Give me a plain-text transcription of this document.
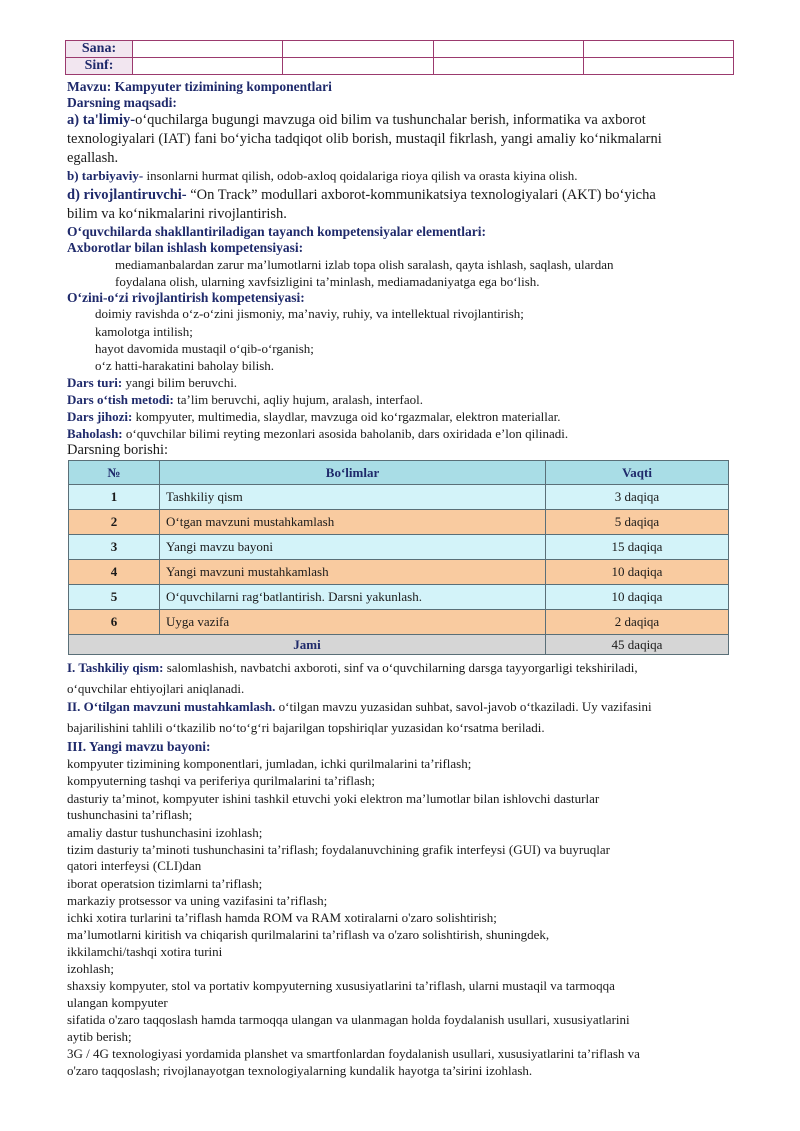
Sana:				
Sinf:				
Mavzu: Kampyuter tizimining komponentlari
Darsning maqsadi:
a) ta'limiy-o‘quchilarga bugungi mavzuga oid bilim va tushunchalar berish, informatika va axborot
texnologiyalari (IAT) fani bo‘yicha tadqiqot olib borish, mustaqil fikrlash, yangi amaliy ko‘nikmalarni
egallash.
b) tarbiyaviy- insonlarni hurmat qilish, odob-axloq qoidalariga rioya qilish va orasta kiyina olish.
d) rivojlantiruvchi- “On Track” modullari axborot-kommunikatsiya texnologiyalari (AKT) bo‘yicha
bilim va ko‘nikmalarini rivojlantirish.
O‘quvchilarda shakllantiriladigan tayanch kompetensiyalar elementlari:
Axborotlar bilan ishlash kompetensiyasi:
mediamanbalardan zarur ma’lumotlarni izlab topa olish saralash, qayta ishlash, saqlash, ulardan
foydalana olish, ularning xavfsizligini ta’minlash, mediamadaniyatga ega bo‘lish.
O‘zini-o‘zi rivojlantirish kompetensiyasi:
doimiy ravishda o‘z-o‘zini jismoniy, ma’naviy, ruhiy, va intellektual rivojlantirish;
kamolotga intilish;
hayot davomida mustaqil o‘qib-o‘rganish;
o‘z hatti-harakatini baholay bilish.
Dars turi: yangi bilim beruvchi.
Dars o‘tish metodi: ta’lim beruvchi, aqliy hujum, aralash, interfaol.
Dars jihozi: kompyuter, multimedia, slaydlar, mavzuga oid ko‘rgazmalar, elektron materiallar.
Baholash: o‘quvchilar bilimi reyting mezonlari asosida baholanib, dars oxiridada e’lon qilinadi.
Darsning borishi:
№	Bo‘limlar	Vaqti
1	Tashkiliy qism	3 daqiqa
2	O‘tgan mavzuni mustahkamlash	5 daqiqa
3	Yangi mavzu bayoni	15 daqiqa
4	Yangi mavzuni mustahkamlash	10 daqiqa
5	O‘quvchilarni rag‘batlantirish. Darsni yakunlash.	10 daqiqa
6	Uyga vazifa	2 daqiqa
Jami		45 daqiqa
I. Tashkiliy qism: salomlashish, navbatchi axboroti, sinf va o‘quvchilarning darsga tayyorgarligi tekshiriladi,
o‘quvchilar ehtiyojlari aniqlanadi.
II. O‘tilgan mavzuni mustahkamlash. o‘tilgan mavzu yuzasidan suhbat, savol-javob o‘tkaziladi. Uy vazifasini
bajarilishini tahlili o‘tkazilib no‘to‘g‘ri bajarilgan topshiriqlar yuzasidan ko‘rsatma beriladi.
III. Yangi mavzu bayoni:
kompyuter tizimining komponentlari, jumladan, ichki qurilmalarini ta’riflash;
kompyuterning tashqi va periferiya qurilmalarini ta’riflash;
dasturiy ta’minot, kompyuter ishini tashkil etuvchi yoki elektron ma’lumotlar bilan ishlovchi dasturlar
tushunchasini ta’riflash;
amaliy dastur tushunchasini izohlash;
tizim dasturiy ta’minoti tushunchasini ta’riflash; foydalanuvchining grafik interfeysi (GUI) va buyruqlar
qatori interfeysi (CLI)dan
iborat operatsion tizimlarni ta’riflash;
markaziy protsessor va uning vazifasini ta’riflash;
ichki xotira turlarini ta’riflash hamda ROM va RAM xotiralarni o'zaro solishtirish;
ma’lumotlarni kiritish va chiqarish qurilmalarini ta’riflash va o'zaro solishtirish, shuningdek,
ikkilamchi/tashqi xotira turini
izohlash;
shaxsiy kompyuter, stol va portativ kompyuterning xususiyatlarini ta’riflash, ularni mustaqil va tarmoqqa
ulangan kompyuter
sifatida o'zaro taqqoslash hamda tarmoqqa ulangan va ulanmagan holda foydalanish usullari, xususiyatlarini
aytib berish;
3G / 4G texnologiyasi yordamida planshet va smartfonlardan foydalanish usullari, xususiyatlarini ta’riflash va
o'zaro taqqoslash; rivojlanayotgan texnologiyalarning kundalik hayotga ta’sirini izohlash.
